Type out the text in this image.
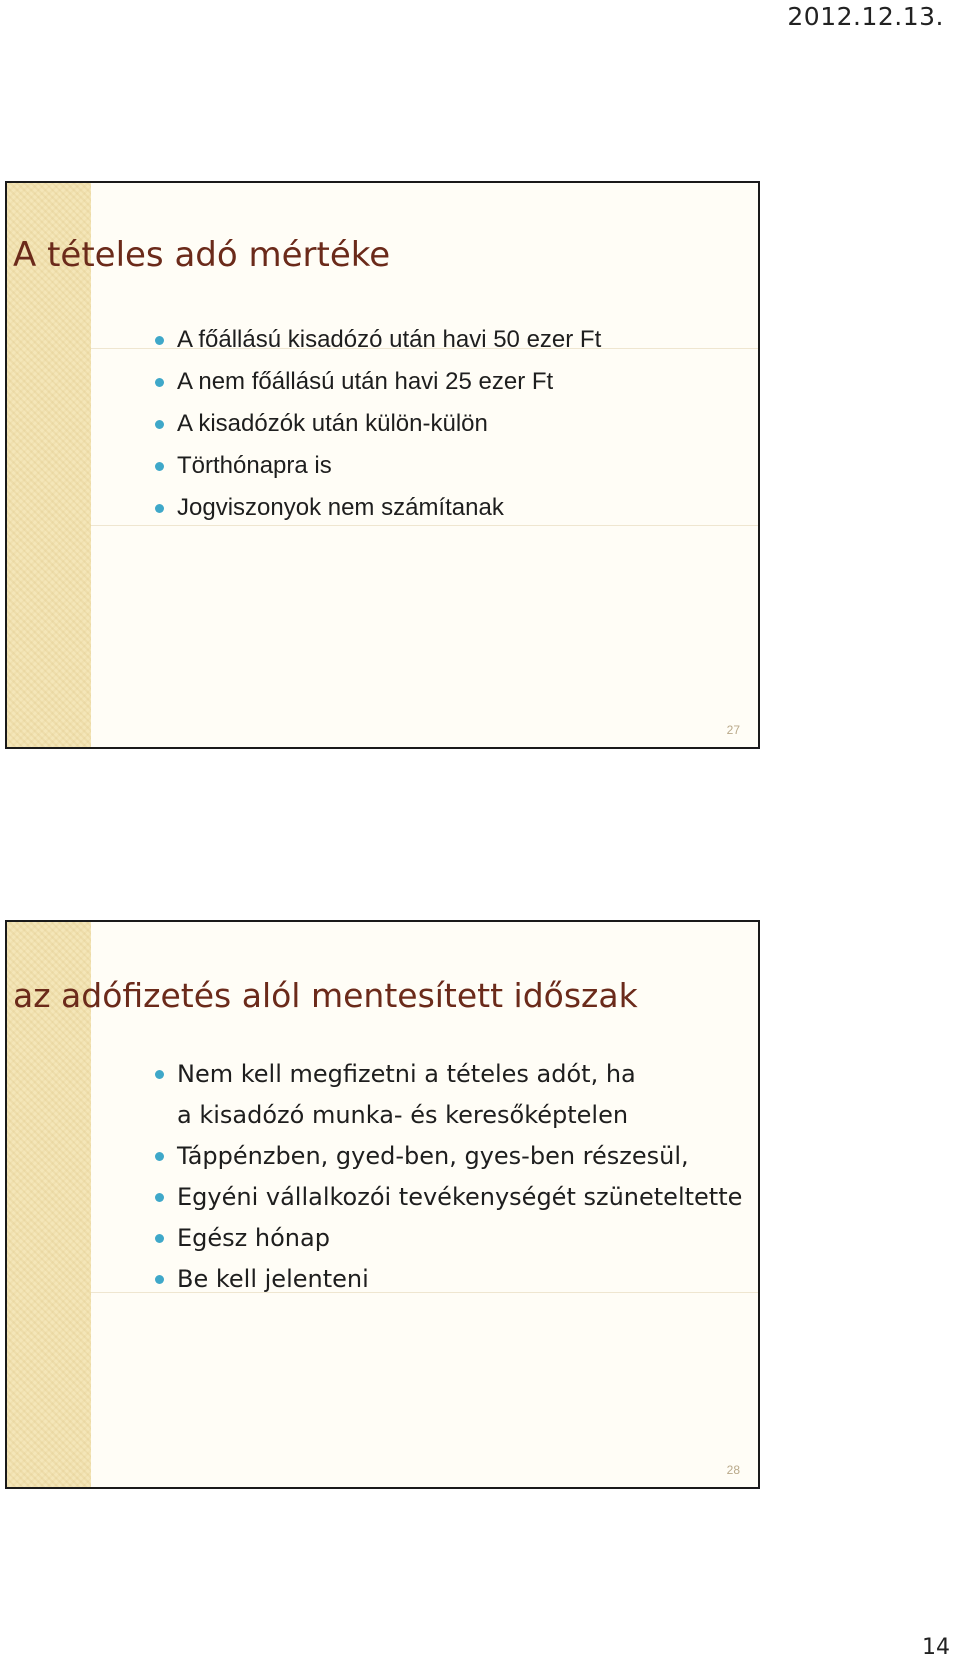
2012.12.13.
A tételes adó mértéke
A főállású kisadózó után havi 50 ezer Ft
A nem főállású után havi 25 ezer Ft
A kisadózók után külön-külön
Törthónapra is
Jogviszonyok nem számítanak
27
az adófizetés alól mentesített időszak
Nem kell megfizetni a tételes adót, ha a kisadózó munka- és keresőképtelen
Táppénzben, gyed-ben, gyes-ben részesül,
Egyéni vállalkozói tevékenységét szüneteltette
Egész hónap
Be kell jelenteni
28
14
